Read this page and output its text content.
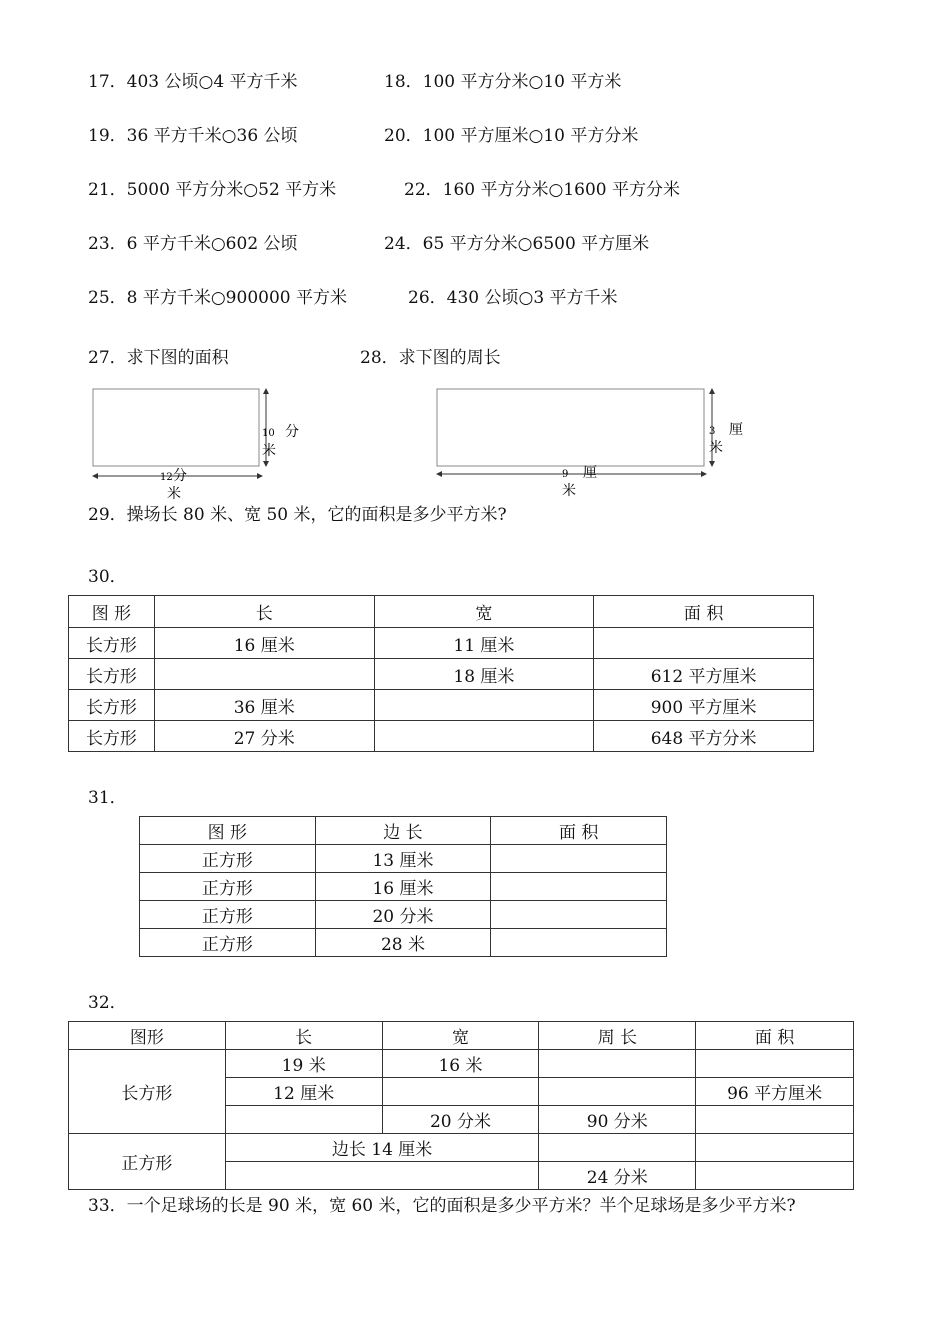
17．403 公顷○4 平方千米	18．100 平方分米○10 平方米
19．36 平方千米○36 公顷	20．100 平方厘米○10 平方分米
21．5000 平方分米○52 平方米	22．160 平方分米○1600 平方分米
23．6 平方千米○602 公顷	24．65 平方分米○6500 平方厘米
25．8 平方千米○900000 平方米	26．430 公顷○3 平方千米
27．求下图的面积	28．求下图的周长
12 分
米
10 分
米
9 厘
米
3 厘
米
29．操场长 80 米、宽 50 米，它的面积是多少平方米?
30．
图 形	长	宽	面 积
长方形	16 厘米	11 厘米	
长方形		18 厘米	612 平方厘米
长方形	36 厘米		900 平方厘米
长方形	27 分米		648 平方分米
31．
图 形	边 长	面 积
正方形	13 厘米	
正方形	16 厘米	
正方形	20 分米	
正方形	28 米	
32．
图形	长	宽	周 长	面 积
长方形	19 米	16 米		
	12 厘米			96 平方厘米
		20 分米	90 分米	
正方形	边长 14 厘米			
			24 分米	
33．一个足球场的长是 90 米，宽 60 米，它的面积是多少平方米？半个足球场是多少平方米?
